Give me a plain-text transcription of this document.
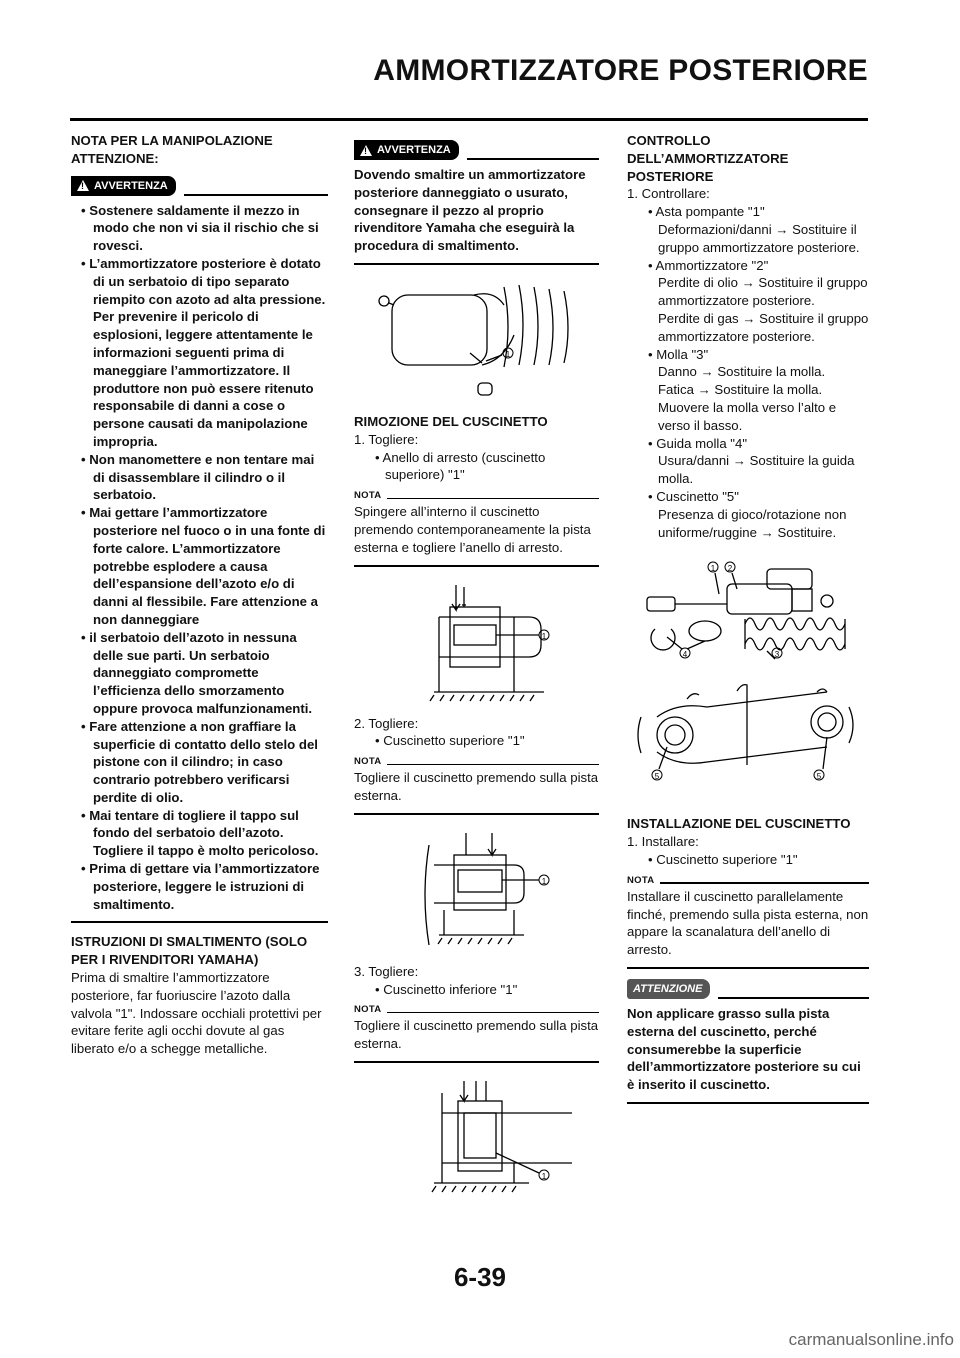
AMMORTIZZATORE POSTERIORE
NOTA PER LA MANIPOLAZIONE ATTENZIONE:
!
AVVERTENZA
• Sostenere saldamente il mezzo in modo che non vi sia il rischio che si rovesci.
• L’ammortizzatore posteriore è dotato di un serbatoio di tipo separato riempito con azoto ad alta pressione. Per prevenire il pericolo di esplosioni, leggere attentamente le informazioni seguenti prima di maneggiare l’ammortizzatore. Il produttore non può essere ritenuto responsabile di danni a cose o persone causati da manipolazione impropria.
• Non manomettere e non tentare mai di disassemblare il cilindro o il serbatoio.
• Mai gettare l’ammortizzatore posteriore nel fuoco o in una fonte di forte calore. L’ammortizzatore potrebbe esplodere a causa dell’espansione dell’azoto e/o di danni al flessibile. Fare attenzione a non danneggiare
• il serbatoio dell’azoto in nessuna delle sue parti. Un serbatoio danneggiato compromette l’efficienza dello smorzamento oppure provoca malfunzionamenti.
• Fare attenzione a non graffiare la superficie di contatto dello stelo del pistone con il cilindro; in caso contrario potrebbero verificarsi perdite di olio.
• Mai tentare di togliere il tappo sul fondo del serbatoio dell’azoto. Togliere il tappo è molto pericoloso.
• Prima di gettare via l’ammortizzatore posteriore, leggere le istruzioni di smaltimento.
ISTRUZIONI DI SMALTIMENTO (SOLO PER I RIVENDITORI YAMAHA)
Prima di smaltire l’ammortizzatore posteriore, far fuoriuscire l’azoto dalla valvola "1". Indossare occhiali protettivi per evitare ferite agli occhi dovute al gas liberato e/o a schegge metalliche.
!
AVVERTENZA
Dovendo smaltire un ammortizzatore posteriore danneggiato o usurato, consegnare il pezzo al proprio rivenditore Yamaha che eseguirà la procedura di smaltimento.
1
RIMOZIONE DEL CUSCINETTO
1. Togliere:
• Anello di arresto (cuscinetto superiore) "1"
NOTA
Spingere all’interno il cuscinetto premendo contemporaneamente la pista esterna e togliere l’anello di arresto.
1
2. Togliere:
• Cuscinetto superiore "1"
NOTA
Togliere il cuscinetto premendo sulla pista esterna.
1
3. Togliere:
• Cuscinetto inferiore "1"
NOTA
Togliere il cuscinetto premendo sulla pista esterna.
1
CONTROLLO DELL’AMMORTIZZATORE POSTERIORE
1. Controllare:
• Asta pompante "1"
Deformazioni/danni → Sostituire il gruppo ammortizzatore posteriore.
• Ammortizzatore "2"
Perdite di olio → Sostituire il gruppo ammortizzatore posteriore.
Perdite di gas → Sostituire il gruppo ammortizzatore posteriore.
• Molla "3"
Danno → Sostituire la molla.
Fatica → Sostituire la molla.
Muovere la molla verso l’alto e verso il basso.
• Guida molla "4"
Usura/danni → Sostituire la guida molla.
• Cuscinetto "5"
Presenza di gioco/rotazione non uniforme/ruggine → Sostituire.
1 2
4	3
5	5
INSTALLAZIONE DEL CUSCINETTO
1. Installare:
• Cuscinetto superiore "1"
NOTA
Installare il cuscinetto parallelamente finché, premendo sulla pista esterna, non appare la scanalatura dell’anello di arresto.
ATTENZIONE
Non applicare grasso sulla pista esterna del cuscinetto, perché consumerebbe la superficie dell’ammortizzatore posteriore su cui è inserito il cuscinetto.
6-39
carmanualsonline.info
